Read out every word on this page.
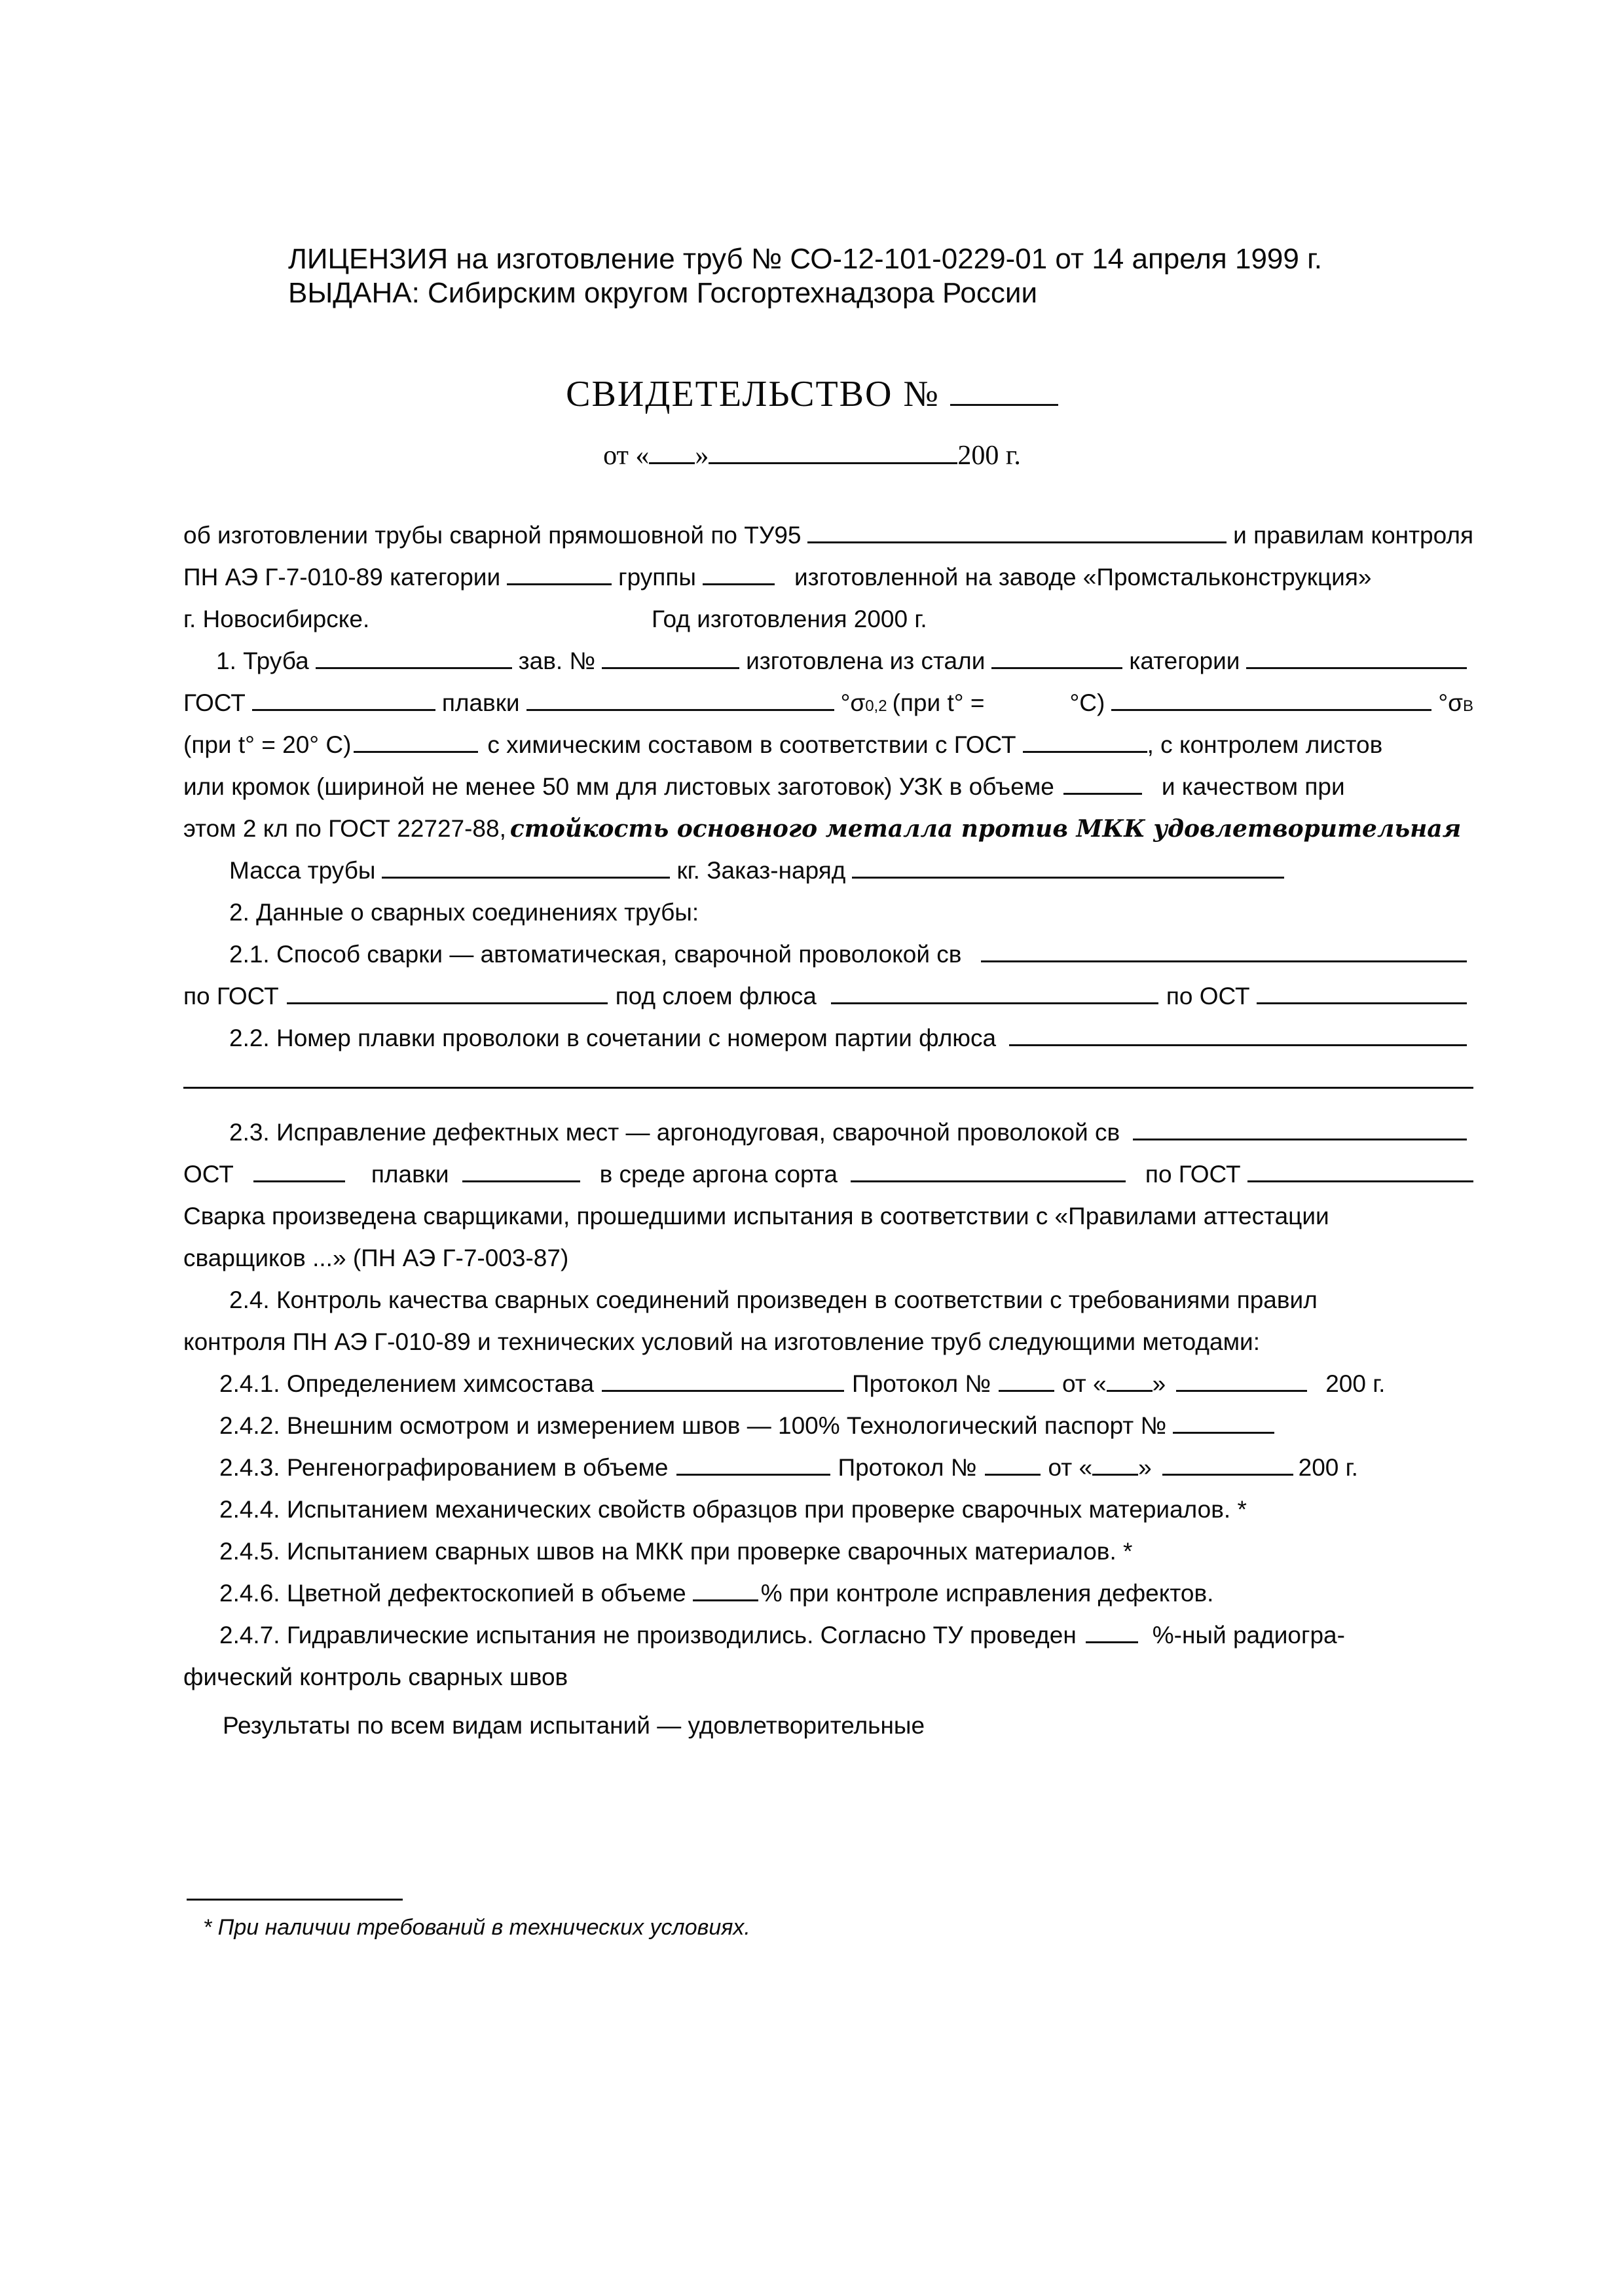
ЛИЦЕНЗИЯ на изготовление труб № СО-12-101-0229-01 от 14 апреля 1999 г.
ВЫДАНА: Сибирским округом Госгортехнадзора России
СВИДЕТЕЛЬСТВО №
от « »	200 г.
об изготовлении трубы сварной прямошовной по ТУ95	и правилам контроля
ПН АЭ Г-7-010-89 категории	группы	изготовленной на заводе «Промстальконструкция»
г. Новосибирске.	Год изготовления 2000 г.
1. Труба	зав. №	изготовлена из стали	категории
ГОСТ	плавки	°σ 0,2 (при t° =	°С)	°σ В
(при t° = 20° С)	с химическим составом в соответствии с ГОСТ	, с контролем листов
или кромок (шириной не менее 50 мм для листовых заготовок) УЗК в объеме	и качеством при
этом 2 кл по ГОСТ 22727-88, стойкость основного металла против МКК удовлетворительная
Масса трубы	кг. Заказ-наряд
2. Данные о сварных соединениях трубы:
2.1. Способ сварки — автоматическая, сварочной проволокой св
по ГОСТ	под слоем флюса	по ОСТ
2.2. Номер плавки проволоки в сочетании с номером партии флюса
2.3. Исправление дефектных мест — аргонодуговая, сварочной проволокой св
ОСТ	плавки	в среде аргона сорта	по ГОСТ
Сварка произведена сварщиками, прошедшими испытания в соответствии с «Правилами аттестации
сварщиков ...» (ПН АЭ Г-7-003-87)
2.4. Контроль качества сварных соединений произведен в соответствии с требованиями правил
контроля ПН АЭ Г-010-89 и технических условий на изготовление труб следующими методами:
2.4.1. Определением химсостава	Протокол №	от « »	200 г.
2.4.2. Внешним осмотром и измерением швов — 100% Технологический паспорт №
2.4.3. Ренгенографированием в объеме	Протокол №	от « »	200 г.
2.4.4. Испытанием механических свойств образцов при проверке сварочных материалов. *
2.4.5. Испытанием сварных швов на МКК при проверке сварочных материалов. *
2.4.6. Цветной дефектоскопией в объеме	% при контроле исправления дефектов.
2.4.7. Гидравлические испытания не производились. Согласно ТУ проведен	%-ный радиогра-
фический контроль сварных швов
Результаты по всем видам испытаний — удовлетворительные
* При наличии требований в технических условиях.
